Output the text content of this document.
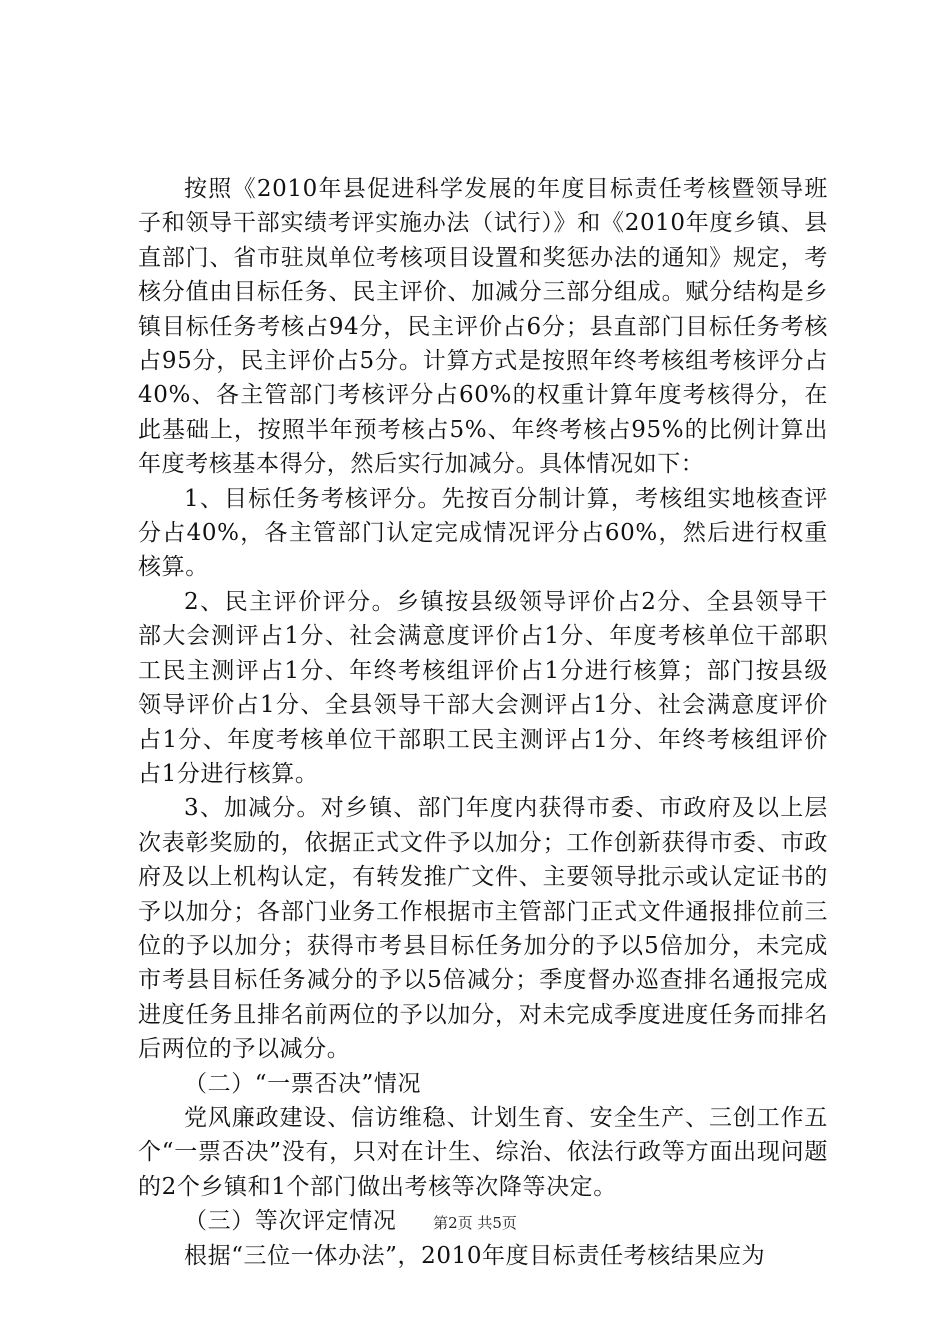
按照《2010年县促进科学发展的年度目标责任考核暨领导班子和领导干部实绩考评实施办法（试行）》和《2010年度乡镇、县直部门、省市驻岚单位考核项目设置和奖惩办法的通知》规定，考核分值由目标任务、民主评价、加减分三部分组成。赋分结构是乡镇目标任务考核占94分，民主评价占6分；县直部门目标任务考核占95分，民主评价占5分。计算方式是按照年终考核组考核评分占40%、各主管部门考核评分占60%的权重计算年度考核得分，在此基础上，按照半年预考核占5%、年终考核占95%的比例计算出年度考核基本得分，然后实行加减分。具体情况如下：

1、目标任务考核评分。先按百分制计算，考核组实地核查评分占40%，各主管部门认定完成情况评分占60%，然后进行权重核算。

2、民主评价评分。乡镇按县级领导评价占2分、全县领导干部大会测评占1分、社会满意度评价占1分、年度考核单位干部职工民主测评占1分、年终考核组评价占1分进行核算；部门按县级领导评价占1分、全县领导干部大会测评占1分、社会满意度评价占1分、年度考核单位干部职工民主测评占1分、年终考核组评价占1分进行核算。

3、加减分。对乡镇、部门年度内获得市委、市政府及以上层次表彰奖励的，依据正式文件予以加分；工作创新获得市委、市政府及以上机构认定，有转发推广文件、主要领导批示或认定证书的予以加分；各部门业务工作根据市主管部门正式文件通报排位前三位的予以加分；获得市考县目标任务加分的予以5倍加分，未完成市考县目标任务减分的予以5倍减分；季度督办巡查排名通报完成进度任务且排名前两位的予以加分，对未完成季度进度任务而排名后两位的予以减分。

（二）“一票否决”情况

党风廉政建设、信访维稳、计划生育、安全生产、三创工作五个“一票否决”没有，只对在计生、综治、依法行政等方面出现问题的2个乡镇和1个部门做出考核等次降等决定。

（三）等次评定情况

根据“三位一体办法”，2010年度目标责任考核结果应为

第2页 共5页
